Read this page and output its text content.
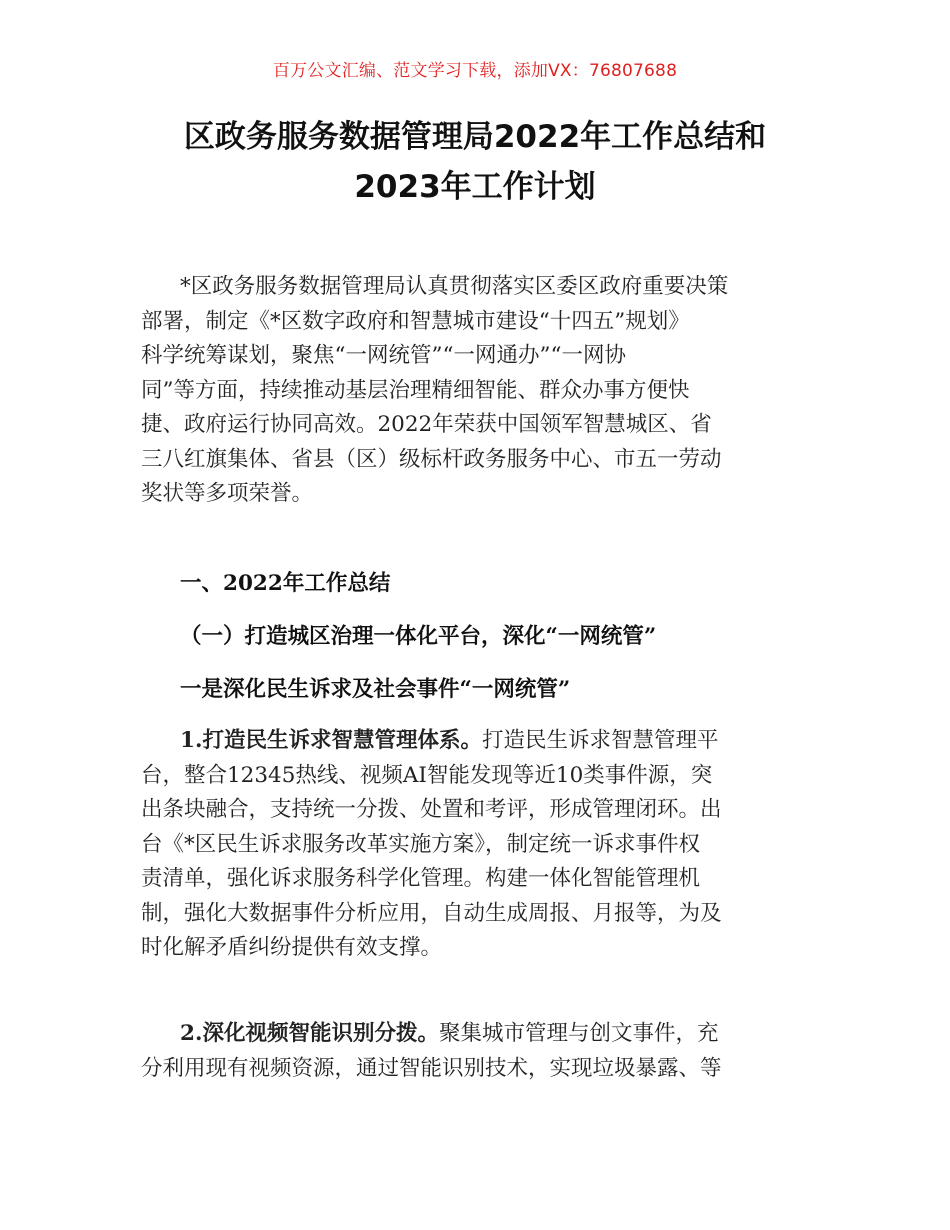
百万公文汇编、范文学习下载，添加VX：76807688
区政务服务数据管理局2022年工作总结和
2023年工作计划
*区政务服务数据管理局认真贯彻落实区委区政府重要决策
部署，制定《*区数字政府和智慧城市建设“十四五”规划》
科学统筹谋划，聚焦“一网统管”“一网通办”“一网协
同”等方面，持续推动基层治理精细智能、群众办事方便快
捷、政府运行协同高效。2022年荣获中国领军智慧城区、省
三八红旗集体、省县（区）级标杆政务服务中心、市五一劳动
奖状等多项荣誉。
一、2022年工作总结
（一）打造城区治理一体化平台，深化“一网统管”
一是深化民生诉求及社会事件“一网统管”
1.打造民生诉求智慧管理体系。打造民生诉求智慧管理平
台，整合12345热线、视频AI智能发现等近10类事件源，突
出条块融合，支持统一分拨、处置和考评，形成管理闭环。出
台《*区民生诉求服务改革实施方案》，制定统一诉求事件权
责清单，强化诉求服务科学化管理。构建一体化智能管理机
制，强化大数据事件分析应用，自动生成周报、月报等，为及
时化解矛盾纠纷提供有效支撑。
2.深化视频智能识别分拨。聚集城市管理与创文事件，充
分利用现有视频资源，通过智能识别技术，实现垃圾暴露、等
